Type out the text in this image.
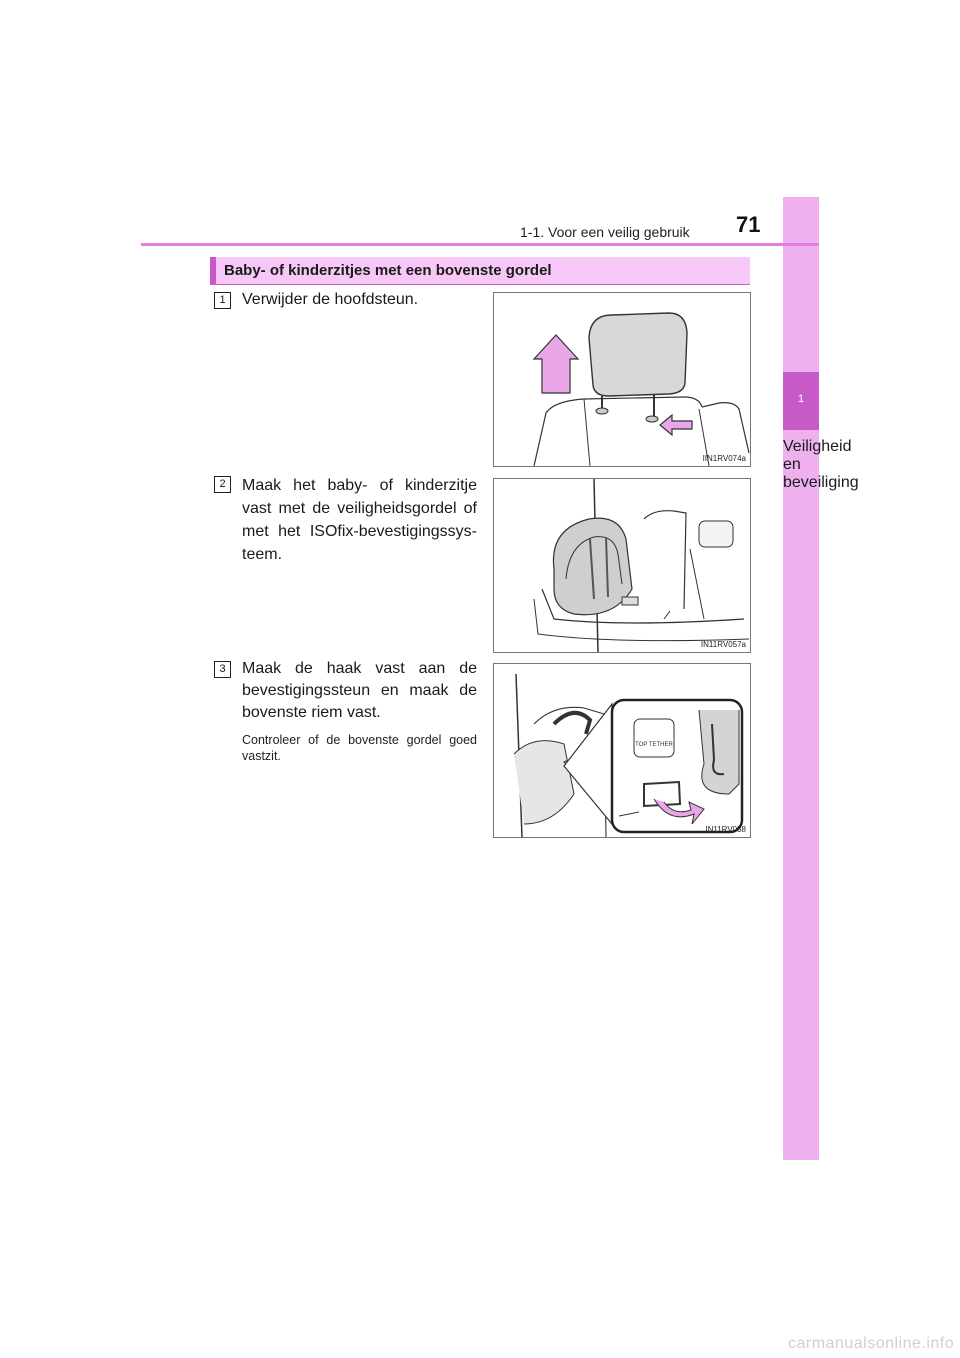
1
Veiligheid en beveiliging
1-1. Voor een veilig gebruik 71
Baby- of kinderzitjes met een bovenste gordel
1	Verwijder de hoofdsteun.
IIN1RV074a
2	Maak het baby- of kinderzitje vast met de veiligheidsgordel of met het ISOfix-bevestigingssys-teem.
IN11RV057a
3	Maak de haak vast aan de bevestigingssteun en maak de bovenste riem vast.
Controleer of de bovenste gordel goed vastzit.
TOP TETHER
IN11RV058
carmanualsonline.info
